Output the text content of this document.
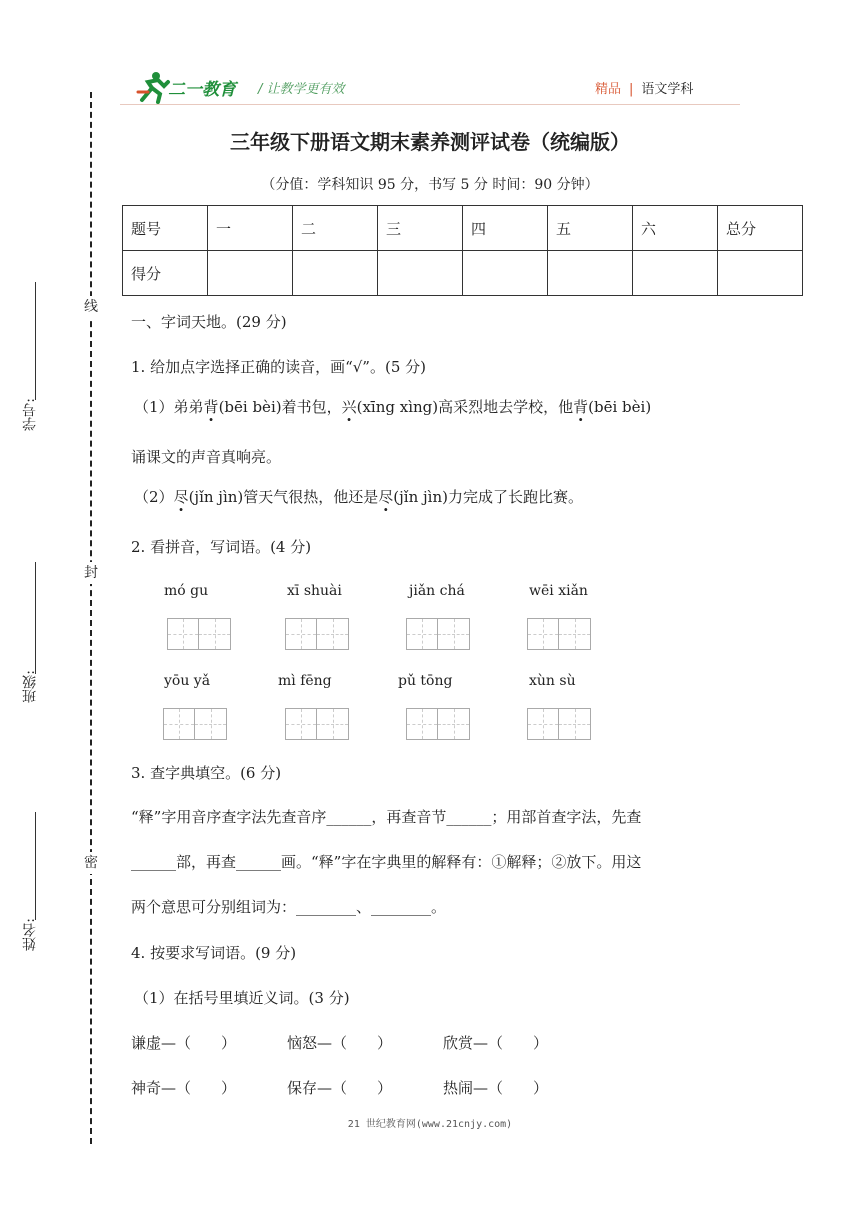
线
封
密
学号:
班级:
姓名:
二一教育 / 让教学更有效	精品 | 语文学科
三年级下册语文期末素养测评试卷（统编版）
（分值：学科知识 95 分，书写 5 分 时间：90 分钟）
题号	一	二	三	四	五	六	总分
得分							
一、字词天地。(29 分)
1. 给加点字选择正确的读音，画“√”。(5 分)
（1）弟弟背(bēi bèi)着书包，兴(xīng xìng)高采烈地去学校，他背(bēi bèi)
诵课文的声音真响亮。
（2）尽(jǐn jìn)管天气很热，他还是尽(jǐn jìn)力完成了长跑比赛。
2. 看拼音，写词语。(4 分)
mó gu	xī shuài	jiǎn chá	wēi xiǎn
yōu yǎ	mì fēng	pǔ tōng	xùn sù
3. 查字典填空。(6 分)
“释”字用音序查字法先查音序______，再查音节______；用部首查字法，先查
______部，再查______画。“释”字在字典里的解释有：①解释；②放下。用这
两个意思可分别组词为：________、________。
4. 按要求写词语。(9 分)
（1）在括号里填近义词。(3 分)
谦虚—（　　）	恼怒—（　　）	欣赏—（　　）
神奇—（　　）	保存—（　　）	热闹—（　　）
21 世纪教育网(www.21cnjy.com)
